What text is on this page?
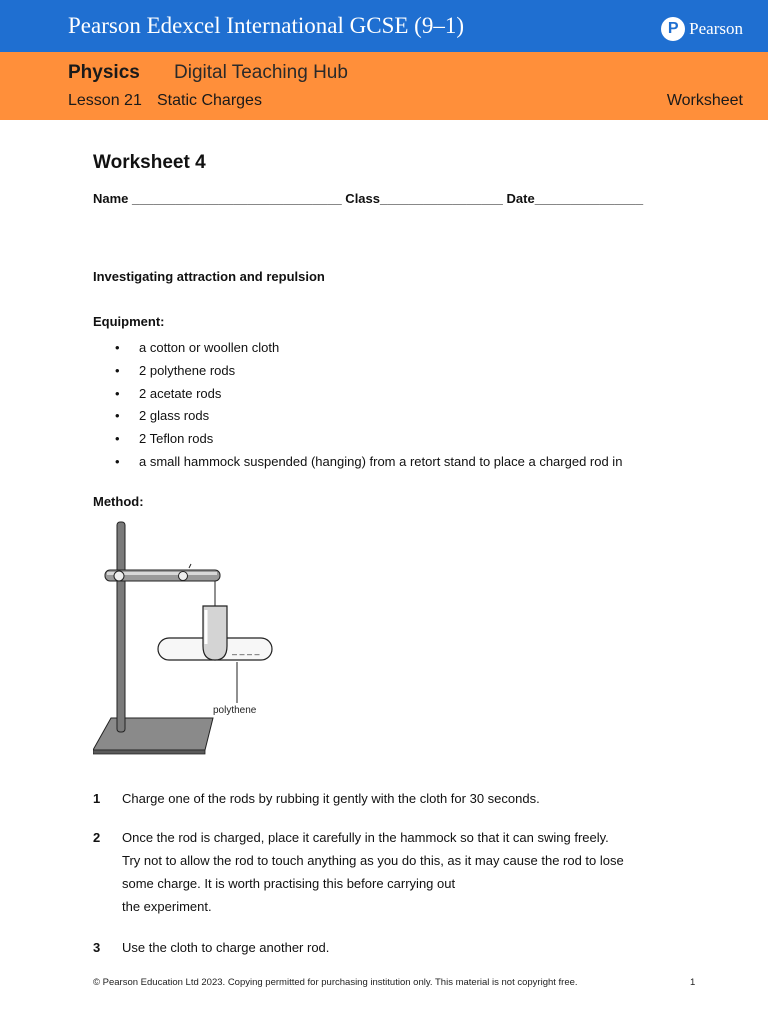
Pearson Edexcel International GCSE (9–1)	P Pearson
Physics Digital Teaching Hub
Lesson 21 Static Charges	Worksheet
Worksheet 4
Name _____________________________ Class_________________ Date_______________
Investigating attraction and repulsion
Equipment:
• a cotton or woollen cloth
• 2 polythene rods
• 2 acetate rods
• 2 glass rods
• 2 Teflon rods
• a small hammock suspended (hanging) from a retort stand to place a charged rod in
Method:
1 Charge one of the rods by rubbing it gently with the cloth for 30 seconds.
2 Once the rod is charged, place it carefully in the hammock so that it can swing freely.
Try not to allow the rod to touch anything as you do this, as it may cause the rod to lose
some charge. It is worth practising this before carrying out
the experiment.
3 Use the cloth to charge another rod.
– – – –
polythene
© Pearson Education Ltd 2023. Copying permitted for purchasing institution only. This material is not copyright free.	1
